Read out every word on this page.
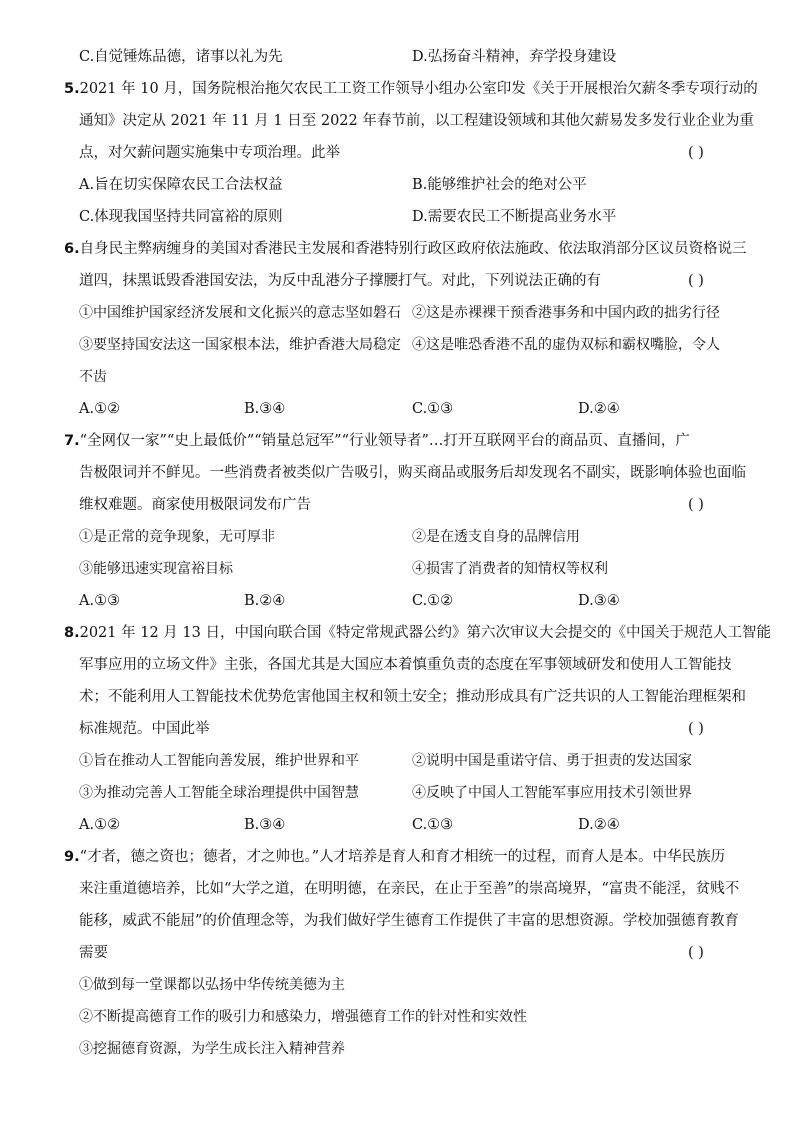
C.自觉锤炼品德，诸事以礼为先	D.弘扬奋斗精神，弃学投身建设
5.2021 年 10 月，国务院根治拖欠农民工工资工作领导小组办公室印发《关于开展根治欠薪冬季专项行动的
通知》决定从 2021 年 11 月 1 日至 2022 年春节前，以工程建设领域和其他欠薪易发多发行业企业为重
点，对欠薪问题实施集中专项治理。此举	( )
A.旨在切实保障农民工合法权益	B.能够维护社会的绝对公平
C.体现我国坚持共同富裕的原则	D.需要农民工不断提高业务水平
6.自身民主弊病缠身的美国对香港民主发展和香港特别行政区政府依法施政、依法取消部分区议员资格说三
道四，抹黑诋毁香港国安法，为反中乱港分子撑腰打气。对此，下列说法正确的有	( )
①中国维护国家经济发展和文化振兴的意志坚如磐石 ②这是赤裸裸干预香港事务和中国内政的拙劣行径
③要坚持国安法这一国家根本法，维护香港大局稳定 ④这是唯恐香港不乱的虚伪双标和霸权嘴脸，令人
不齿
A.①②	B.③④	C.①③	D.②④
7.“全网仅一家”“史上最低价”“销量总冠军”“行业领导者”…打开互联网平台的商品页、直播间，广
告极限词并不鲜见。一些消费者被类似广告吸引，购买商品或服务后却发现名不副实，既影响体验也面临
维权难题。商家使用极限词发布广告	( )
①是正常的竞争现象，无可厚非	②是在透支自身的品牌信用
③能够迅速实现富裕目标	④损害了消费者的知情权等权利
A.①③	B.②④	C.①②	D.③④
8.2021 年 12 月 13 日，中国向联合国《特定常规武器公约》第六次审议大会提交的《中国关于规范人工智能
军事应用的立场文件》主张，各国尤其是大国应本着慎重负责的态度在军事领域研发和使用人工智能技
术；不能利用人工智能技术优势危害他国主权和领土安全；推动形成具有广泛共识的人工智能治理框架和
标准规范。中国此举	( )
①旨在推动人工智能向善发展，维护世界和平	②说明中国是重诺守信、勇于担责的发达国家
③为推动完善人工智能全球治理提供中国智慧	④反映了中国人工智能军事应用技术引领世界
A.①②	B.③④	C.①③	D.②④
9.“才者，德之资也；德者，才之帅也。”人才培养是育人和育才相统一的过程，而育人是本。中华民族历
来注重道德培养，比如“大学之道，在明明德，在亲民，在止于至善”的崇高境界，“富贵不能淫，贫贱不
能移，威武不能屈”的价值理念等，为我们做好学生德育工作提供了丰富的思想资源。学校加强德育教育
需要	( )
①做到每一堂课都以弘扬中华传统美德为主
②不断提高德育工作的吸引力和感染力，增强德育工作的针对性和实效性
③挖掘德育资源，为学生成长注入精神营养
